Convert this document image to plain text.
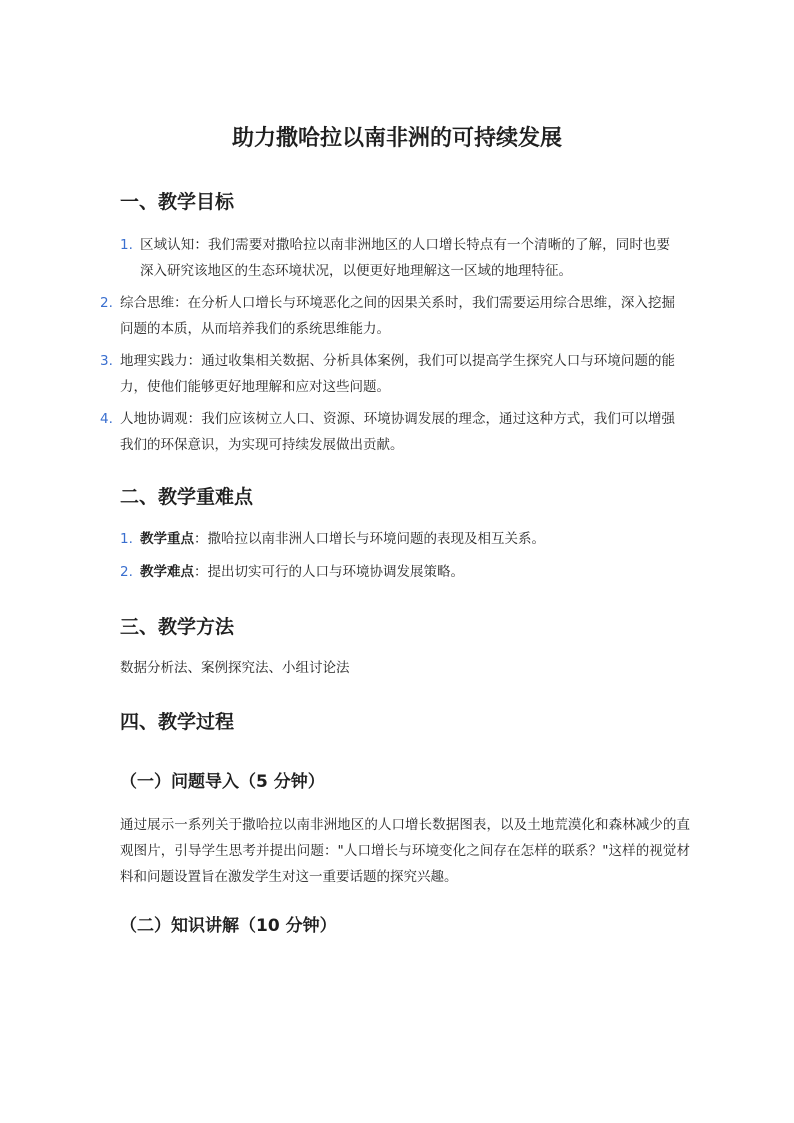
助力撒哈拉以南非洲的可持续发展
一、教学目标
1. 区域认知：我们需要对撒哈拉以南非洲地区的人口增长特点有一个清晰的了解，同时也要深入研究该地区的生态环境状况，以便更好地理解这一区域的地理特征。
2. 综合思维：在分析人口增长与环境恶化之间的因果关系时，我们需要运用综合思维，深入挖掘问题的本质，从而培养我们的系统思维能力。
3. 地理实践力：通过收集相关数据、分析具体案例，我们可以提高学生探究人口与环境问题的能力，使他们能够更好地理解和应对这些问题。
4. 人地协调观：我们应该树立人口、资源、环境协调发展的理念，通过这种方式，我们可以增强我们的环保意识，为实现可持续发展做出贡献。
二、教学重难点
1. 教学重点：撒哈拉以南非洲人口增长与环境问题的表现及相互关系。
2. 教学难点：提出切实可行的人口与环境协调发展策略。
三、教学方法

数据分析法、案例探究法、小组讨论法

四、教学过程
（一）问题导入（5 分钟）

通过展示一系列关于撒哈拉以南非洲地区的人口增长数据图表，以及土地荒漠化和森林减少的直观图片，引导学生思考并提出问题："人口增长与环境变化之间存在怎样的联系？"这样的视觉材料和问题设置旨在激发学生对这一重要话题的探究兴趣。

（二）知识讲解（10 分钟）
